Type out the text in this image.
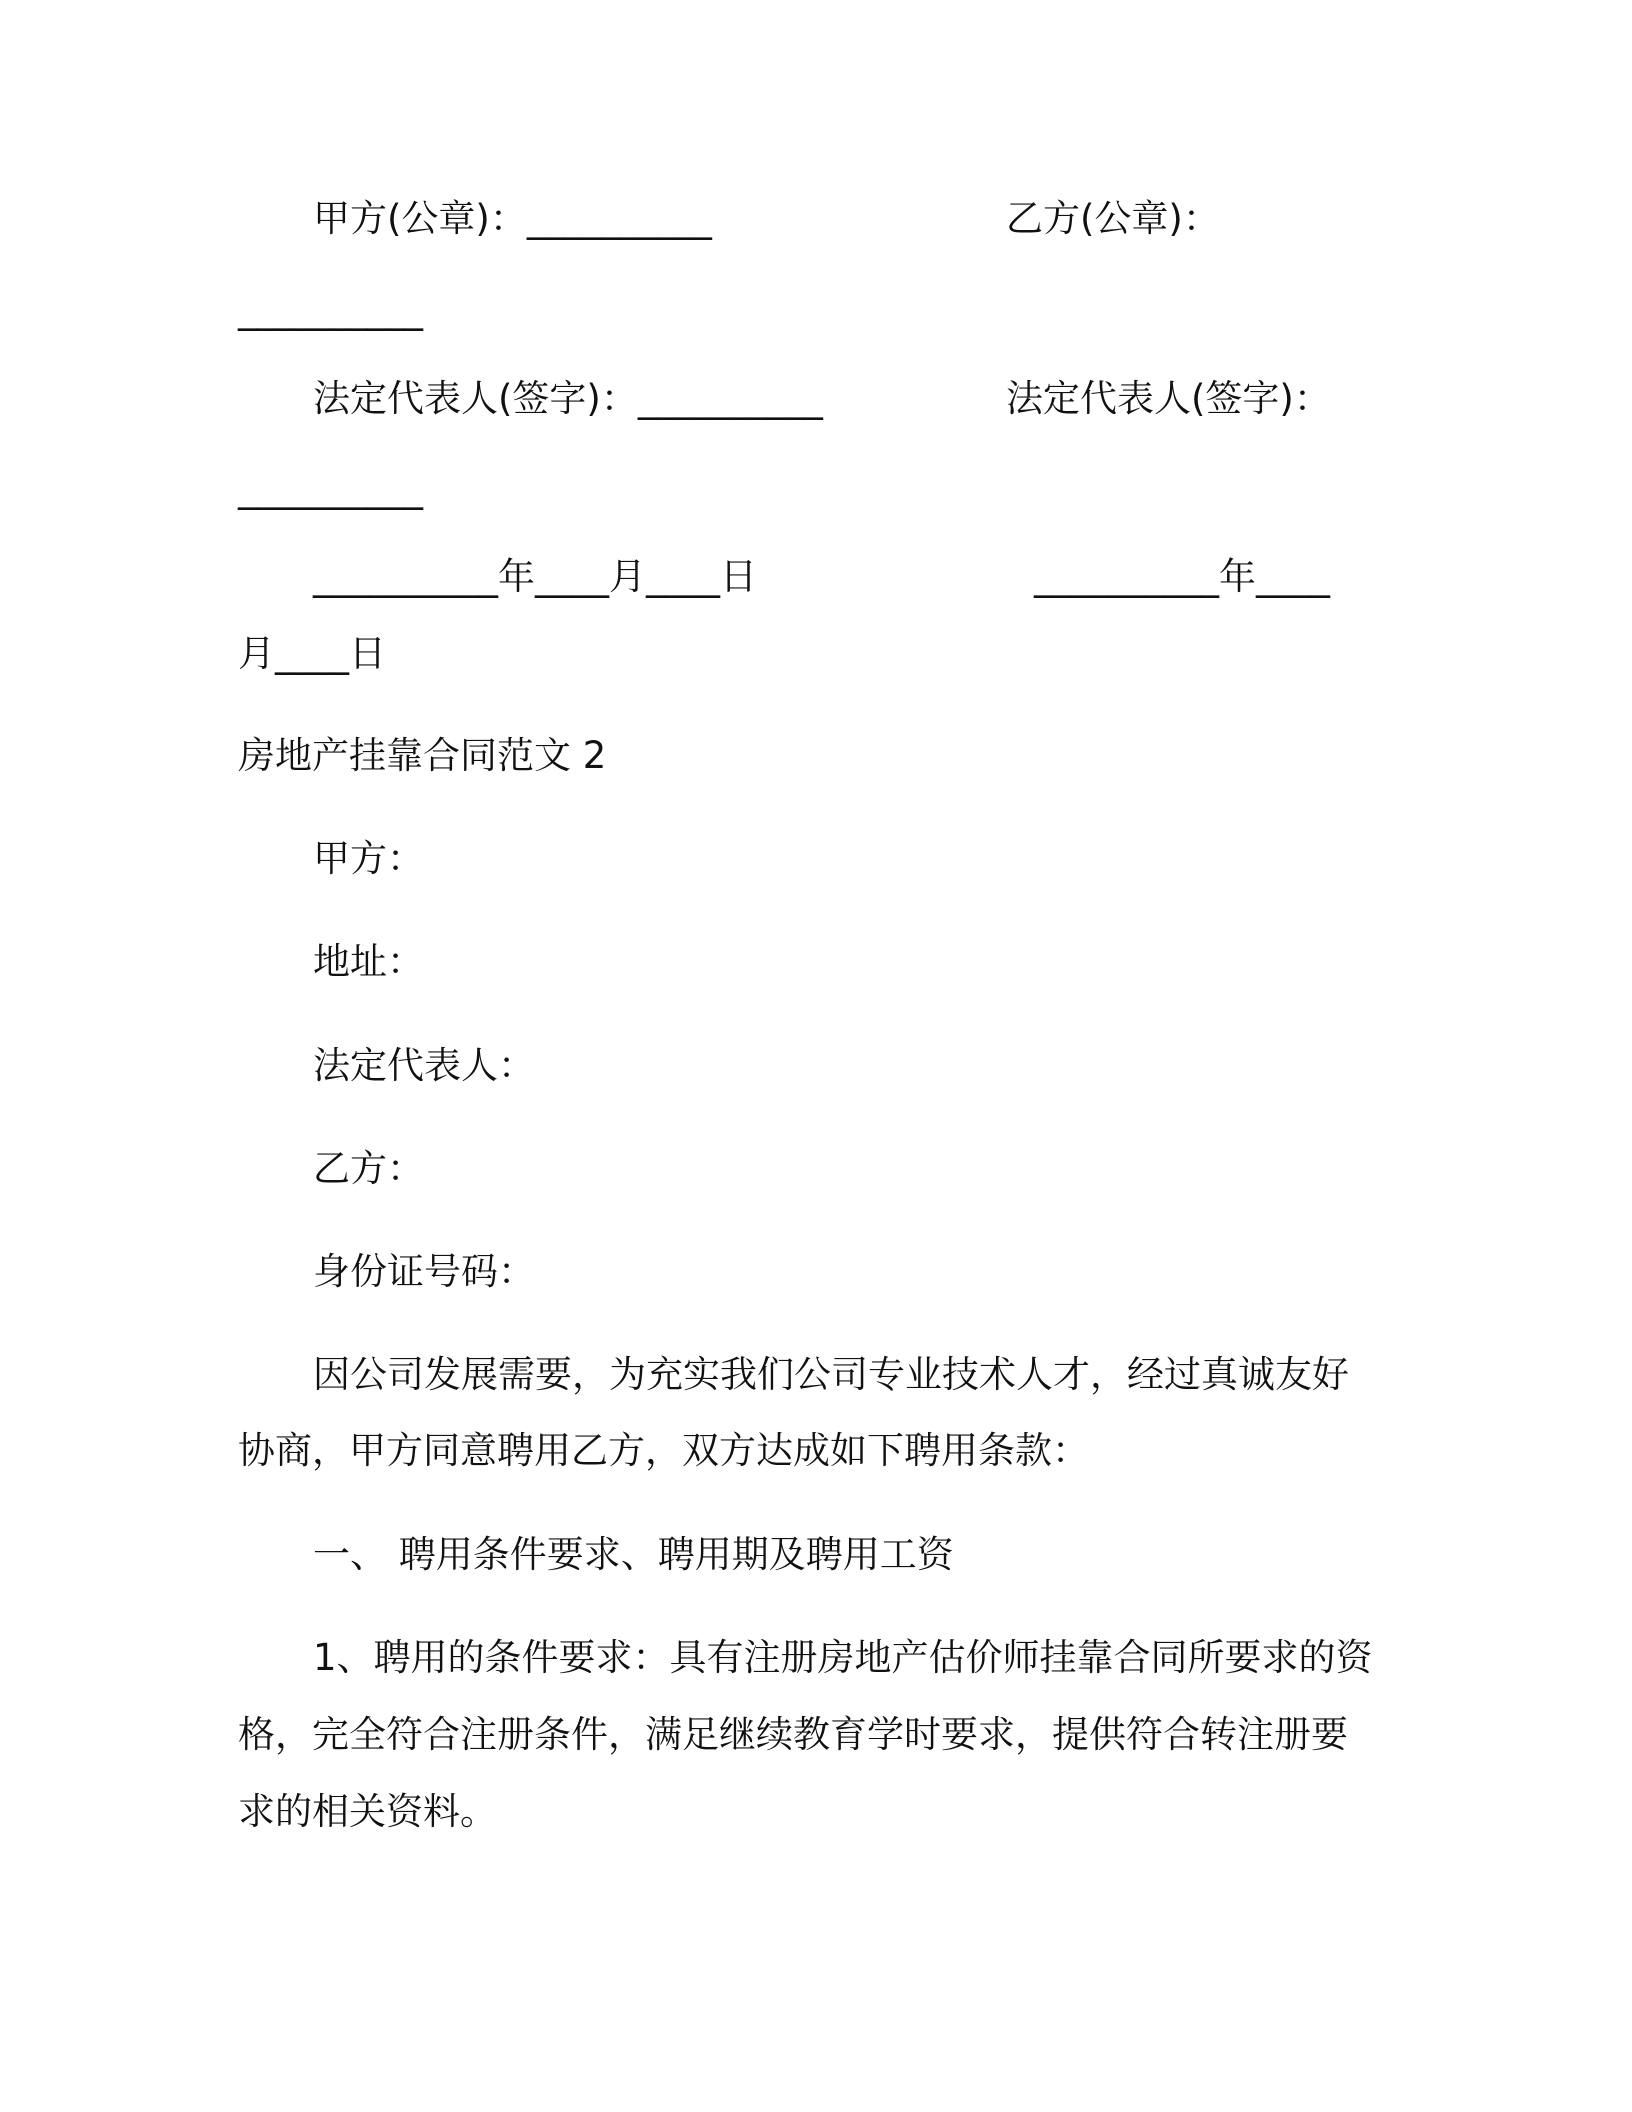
甲方(公章)：__________	乙方(公章)：

__________

法定代表人(签字)：__________	法定代表人(签字)：

__________

__________年____月____日	__________年____

月____日

房地产挂靠合同范文 2

甲方：

地址：

法定代表人：

乙方：

身份证号码：

因公司发展需要，为充实我们公司专业技术人才，经过真诚友好

协商，甲方同意聘用乙方，双方达成如下聘用条款：

一、 聘用条件要求、聘用期及聘用工资

1、聘用的条件要求：具有注册房地产估价师挂靠合同所要求的资

格，完全符合注册条件，满足继续教育学时要求，提供符合转注册要

求的相关资料。
